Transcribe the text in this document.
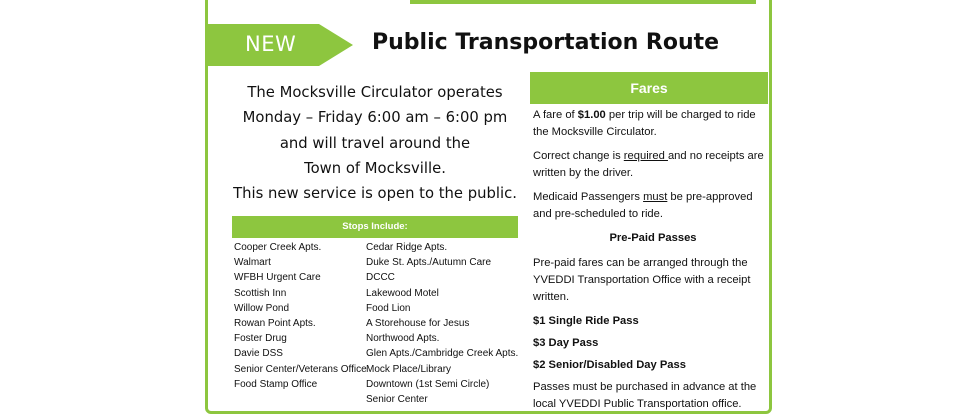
NEW	Public Transportation Route
The Mocksville Circulator operates
Monday – Friday 6:00 am – 6:00 pm
and will travel around the
Town of Mocksville.
This new service is open to the public.
Stops Include:
Cooper Creek Apts.
Walmart
WFBH Urgent Care
Scottish Inn
Willow Pond
Rowan Point Apts.
Foster Drug
Davie DSS
Senior Center/Veterans Office
Food Stamp Office
Cedar Ridge Apts.
Duke St. Apts./Autumn Care
DCCC
Lakewood Motel
Food Lion
A Storehouse for Jesus
Northwood Apts.
Glen Apts./Cambridge Creek Apts.
Mock Place/Library
Downtown (1st Semi Circle)
Senior Center
Fares
A fare of $1.00 per trip will be charged to ride the Mocksville Circulator.
Correct change is required and no receipts are written by the driver.
Medicaid Passengers must be pre-approved and pre-scheduled to ride.
Pre-Paid Passes
Pre-paid fares can be arranged through the YVEDDI Transportation Office with a receipt written.
$1 Single Ride Pass
$3 Day Pass
$2 Senior/Disabled Day Pass
Passes must be purchased in advance at the local YVEDDI Public Transportation office.
